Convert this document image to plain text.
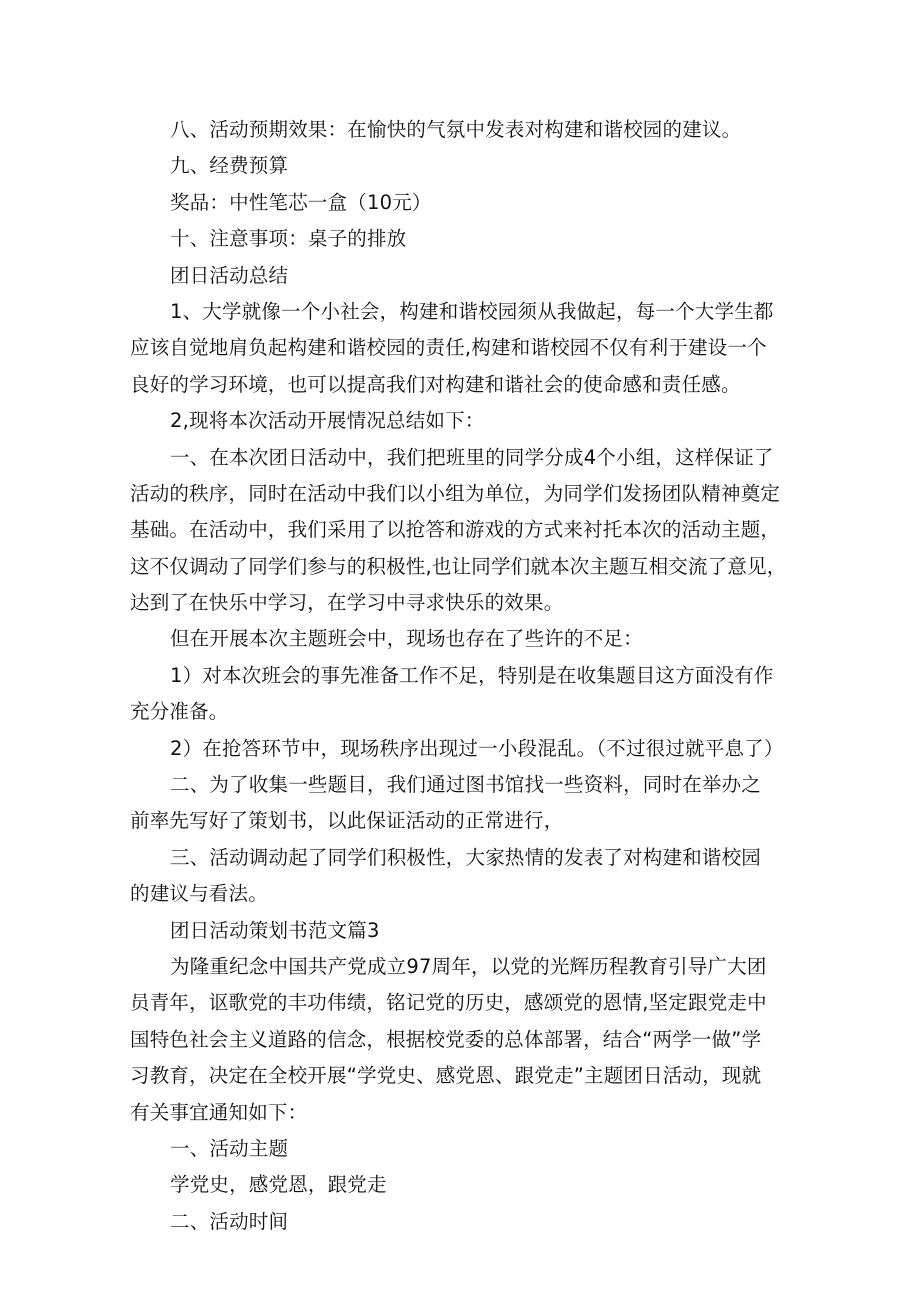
八、活动预期效果：在愉快的气氛中发表对构建和谐校园的建议。
九、经费预算
奖品：中性笔芯一盒（10元）
十、注意事项：桌子的排放
团日活动总结
1、大学就像一个小社会，构建和谐校园须从我做起，每一个大学生都
应该自觉地肩负起构建和谐校园的责任,构建和谐校园不仅有利于建设一个
良好的学习环境，也可以提高我们对构建和谐社会的使命感和责任感。
2,现将本次活动开展情况总结如下：
一、在本次团日活动中，我们把班里的同学分成4个小组，这样保证了
活动的秩序，同时在活动中我们以小组为单位，为同学们发扬团队精神奠定
基础。在活动中，我们采用了以抢答和游戏的方式来衬托本次的活动主题，
这不仅调动了同学们参与的积极性,也让同学们就本次主题互相交流了意见，
达到了在快乐中学习，在学习中寻求快乐的效果。
但在开展本次主题班会中，现场也存在了些许的不足：
1）对本次班会的事先准备工作不足，特别是在收集题目这方面没有作
充分准备。
2）在抢答环节中，现场秩序出现过一小段混乱。（不过很过就平息了）
二、为了收集一些题目，我们通过图书馆找一些资料，同时在举办之
前率先写好了策划书，以此保证活动的正常进行，
三、活动调动起了同学们积极性，大家热情的发表了对构建和谐校园
的建议与看法。
团日活动策划书范文篇3
为隆重纪念中国共产党成立97周年，以党的光辉历程教育引导广大团
员青年，讴歌党的丰功伟绩，铭记党的历史，感颂党的恩情,坚定跟党走中
国特色社会主义道路的信念，根据校党委的总体部署，结合“两学一做”学
习教育，决定在全校开展“学党史、感党恩、跟党走”主题团日活动，现就
有关事宜通知如下：
一、活动主题
学党史，感党恩，跟党走
二、活动时间
